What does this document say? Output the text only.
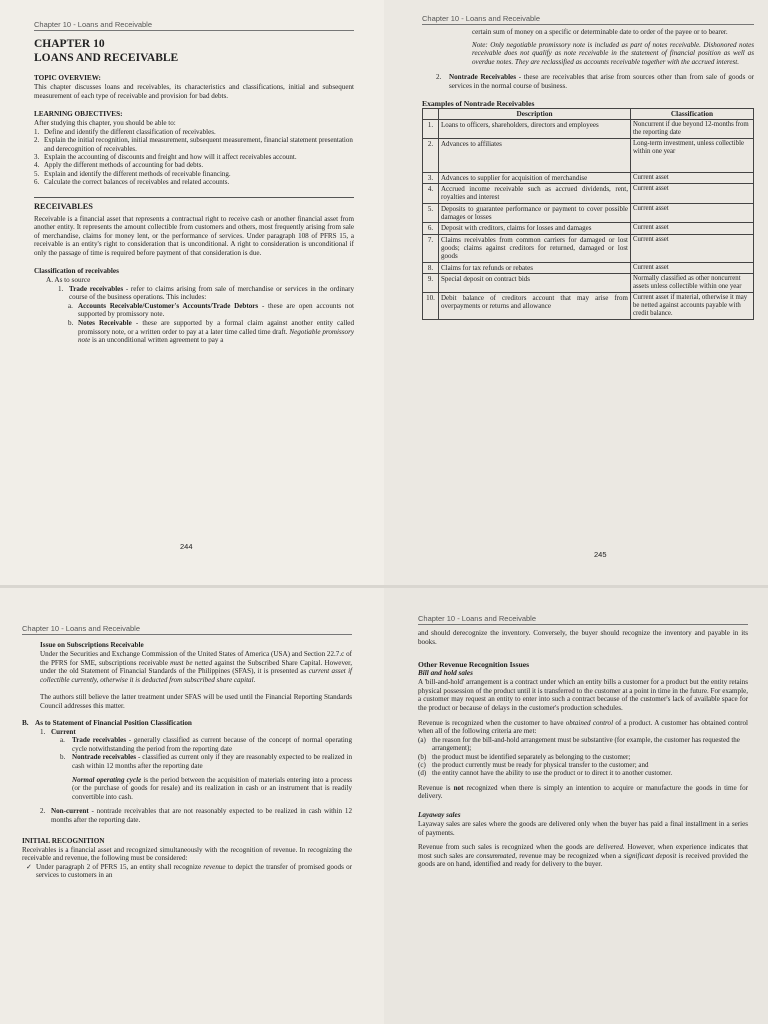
Chapter 10 - Loans and Receivable
CHAPTER 10
LOANS AND RECEIVABLE
TOPIC OVERVIEW:
This chapter discusses loans and receivables, its characteristics and classifications, initial and subsequent measurement of each type of receivable and provision for bad debts.
LEARNING OBJECTIVES:
After studying this chapter, you should be able to:
1. Define and identify the different classification of receivables.
2. Explain the initial recognition, initial measurement, subsequent measurement, financial statement presentation and derecognition of receivables.
3. Explain the accounting of discounts and freight and how will it affect receivables account.
4. Apply the different methods of accounting for bad debts.
5. Explain and identify the different methods of receivable financing.
6. Calculate the correct balances of receivables and related accounts.
RECEIVABLES
Receivable is a financial asset that represents a contractual right to receive cash or another financial asset from another entity. It represents the amount collectible from customers and others, most frequently arising from sale of merchandise, claims for money lent, or the performance of services. Under paragraph 108 of PFRS 15, a receivable is an entity's right to consideration that is unconditional. A right to consideration is unconditional if only the passage of time is required before payment of that consideration is due.
Classification of receivables
A. As to source
1. Trade receivables - refer to claims arising from sale of merchandise or services in the ordinary course of the business operations. This includes:
a. Accounts Receivable/Customer's Accounts/Trade Debtors - these are open accounts not supported by promissory note.
b. Notes Receivable - these are supported by a formal claim against another entity called promissory note, or a written order to pay at a later time called time draft. Negotiable promissory note is an unconditional written agreement to pay a
244
Chapter 10 - Loans and Receivable
certain sum of money on a specific or determinable date to order of the payee or to bearer.
Note: Only negotiable promissory note is included as part of notes receivable. Dishonored notes receivable does not qualify as note receivable in the statement of financial position as well as overdue notes. They are reclassified as accounts receivable together with the accrued interest.
2.	Nontrade Receivables - these are receivables that arise from sources other than from sale of goods or services in the normal course of business.
Examples of Nontrade Receivables
	Description	Classification
1.	Loans to officers, shareholders, directors and employees	Noncurrent if due beyond 12-months from the reporting date
2.	Advances to affiliates	Long-term investment, unless collectible within one year
3.	Advances to supplier for acquisition of merchandise	Current asset
4.	Accrued income receivable such as accrued dividends, rent, royalties and interest	Current asset
5.	Deposits to guarantee performance or payment to cover possible damages or losses	Current asset
6.	Deposit with creditors, claims for losses and damages	Current asset
7.	Claims receivables from common carriers for damaged or lost goods; claims against creditors for returned, damaged or lost goods	Current asset
8.	Claims for tax refunds or rebates	Current asset
9.	Special deposit on contract bids	Normally classified as other noncurrent assets unless collectible within one year
10.	Debit balance of creditors account that may arise from overpayments or returns and allowance	Current asset if material, otherwise it may be netted against accounts payable with credit balance.
245
Chapter 10 - Loans and Receivable
Issue on Subscriptions Receivable
Under the Securities and Exchange Commission of the United States of America (USA) and Section 22.7.c of the PFRS for SME, subscriptions receivable must be netted against the Subscribed Share Capital. However, under the old Statement of Financial Standards of the Philippines (SFAS), it is presented as current asset if collectible currently, otherwise it is deducted from subscribed share capital.
The authors still believe the latter treatment under SFAS will be used until the Financial Reporting Standards Council addresses this matter.
B. As to Statement of Financial Position Classification
1. Current
a. Trade receivables - generally classified as current because of the concept of normal operating cycle notwithstanding the period from the reporting date
b. Nontrade receivables - classified as current only if they are reasonably expected to be realized in cash within 12 months after the reporting date
Normal operating cycle is the period between the acquisition of materials entering into a process (or the purchase of goods for resale) and its realization in cash or an instrument that is readily convertible into cash.
2. Non-current - nontrade receivables that are not reasonably expected to be realized in cash within 12 months after the reporting date.
INITIAL RECOGNITION
Receivables is a financial asset and recognized simultaneously with the recognition of revenue. In recognizing the receivable and revenue, the following must be considered:
✓ Under paragraph 2 of PFRS 15, an entity shall recognize revenue to depict the transfer of promised goods or services to customers in an
Chapter 10 - Loans and Receivable
and should derecognize the inventory. Conversely, the buyer should recognize the inventory and payable in its books.
Other Revenue Recognition Issues
Bill and hold sales
A 'bill-and-hold' arrangement is a contract under which an entity bills a customer for a product but the entity retains physical possession of the product until it is transferred to the customer at a point in time in the future. For example, a customer may request an entity to enter into such a contract because of the customer's lack of available space for the product or because of delays in the customer's production schedules.
Revenue is recognized when the customer to have obtained control of a product. A customer has obtained control when all of the following criteria are met:
(a) the reason for the bill-and-hold arrangement must be substantive (for example, the customer has requested the arrangement);
(b) the product must be identified separately as belonging to the customer;
(c) the product currently must be ready for physical transfer to the customer; and
(d) the entity cannot have the ability to use the product or to direct it to another customer.
Revenue is not recognized when there is simply an intention to acquire or manufacture the goods in time for delivery.
Layaway sales
Layaway sales are sales where the goods are delivered only when the buyer has paid a final installment in a series of payments.
Revenue from such sales is recognized when the goods are delivered. However, when experience indicates that most such sales are consummated, revenue may be recognized when a significant deposit is received provided the goods are on hand, identified and ready for delivery to the buyer.
